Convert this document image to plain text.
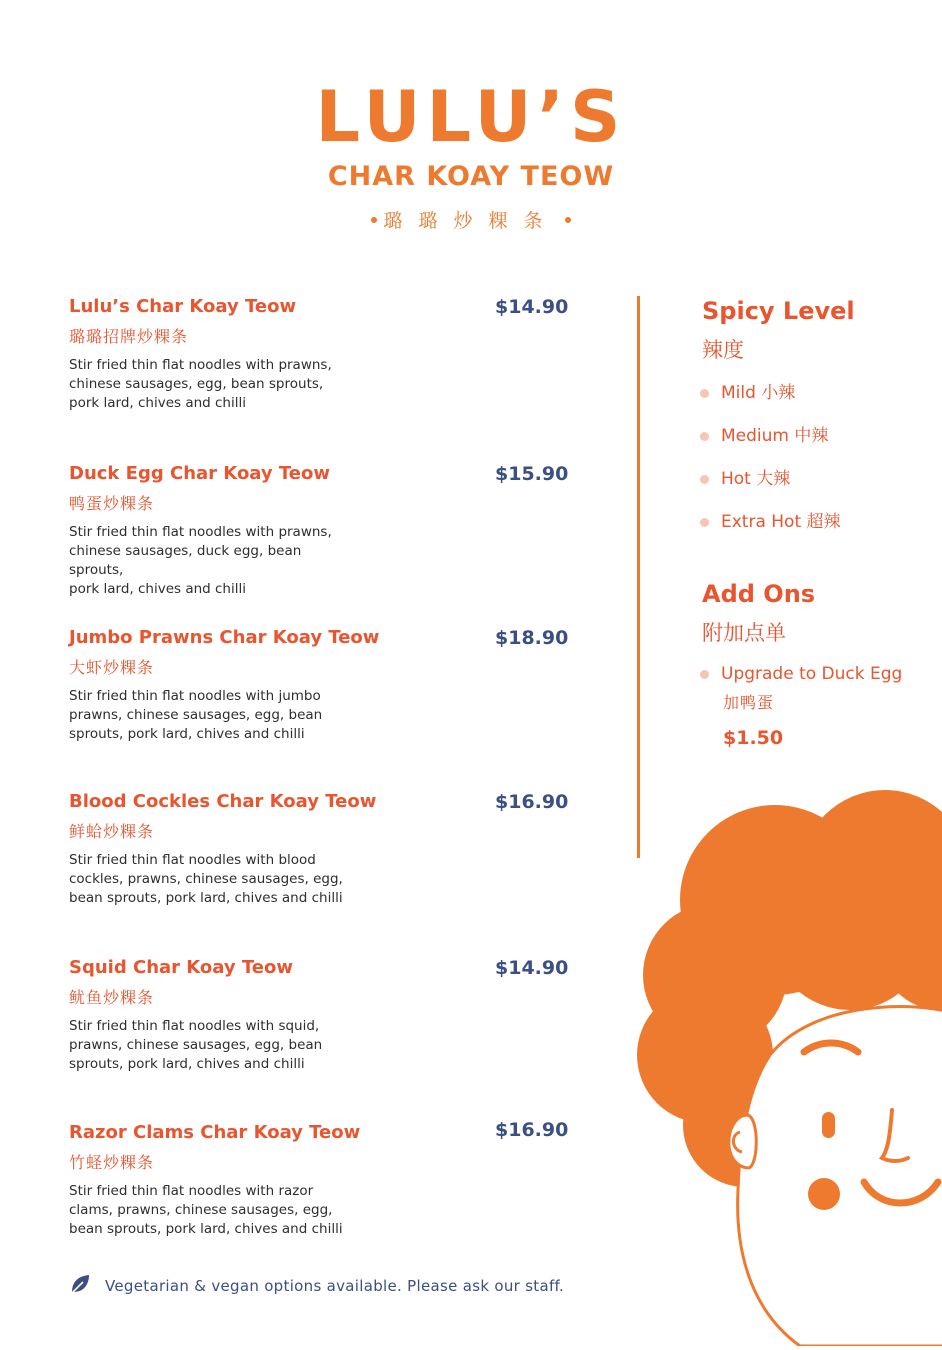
LULU’S
CHAR KOAY TEOW
璐璐炒粿条
Lulu’s Char Koay Teow	$14.90
璐璐招牌炒粿条
Stir fried thin flat noodles with prawns,
chinese sausages, egg, bean sprouts,
pork lard, chives and chilli
Duck Egg Char Koay Teow	$15.90
鸭蛋炒粿条
Stir fried thin flat noodles with prawns,
chinese sausages, duck egg, bean sprouts,
pork lard, chives and chilli
Jumbo Prawns Char Koay Teow	$18.90
大虾炒粿条
Stir fried thin flat noodles with jumbo
prawns, chinese sausages, egg, bean
sprouts, pork lard, chives and chilli
Blood Cockles Char Koay Teow	$16.90
鲜蛤炒粿条
Stir fried thin flat noodles with blood
cockles, prawns, chinese sausages, egg,
bean sprouts, pork lard, chives and chilli
Squid Char Koay Teow	$14.90
鱿鱼炒粿条
Stir fried thin flat noodles with squid,
prawns, chinese sausages, egg, bean
sprouts, pork lard, chives and chilli
Razor Clams Char Koay Teow	$16.90
竹蛏炒粿条
Stir fried thin flat noodles with razor
clams, prawns, chinese sausages, egg,
bean sprouts, pork lard, chives and chilli
Spicy Level
辣度
Mild 小辣
Medium 中辣
Hot 大辣
Extra Hot 超辣
Add Ons
附加点单
Upgrade to Duck Egg
加鸭蛋
$1.50
Vegetarian & vegan options available. Please ask our staff.
